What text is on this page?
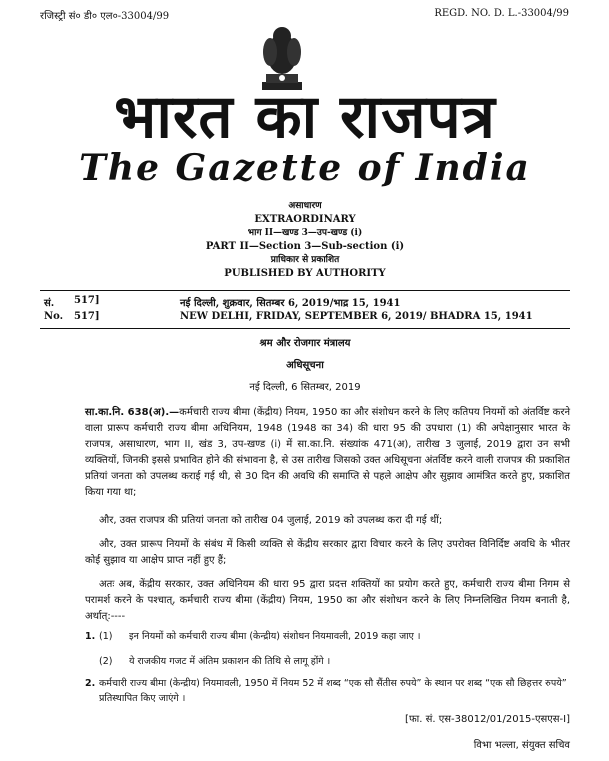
रजिस्ट्री सं० डी० एल०-33004/99	REGD. NO. D. L.-33004/99
भारत का राजपत्र
The Gazette of India
असाधारण
EXTRAORDINARY
भाग II—खण्ड 3—उप-खण्ड (i)
PART II—Section 3—Sub-section (i)
प्राधिकार से प्रकाशित
PUBLISHED BY AUTHORITY
सं. 517]	नई दिल्ली, शुक्रवार, सितम्बर 6, 2019/भाद्र 15, 1941
No. 517]	NEW DELHI, FRIDAY, SEPTEMBER 6, 2019/ BHADRA 15, 1941
श्रम और रोजगार मंत्रालय
अधिसूचना
नई दिल्ली, 6 सितम्बर, 2019
सा.का.नि. 638(अ).—कर्मचारी राज्य बीमा (केंद्रीय) नियम, 1950 का और संशोधन करने के लिए कतिपय नियमों को अंतर्विष्ट करने वाला प्रारूप कर्मचारी राज्य बीमा अधिनियम, 1948 (1948 का 34) की धारा 95 की उपधारा (1) की अपेक्षानुसार भारत के राजपत्र, असाधारण, भाग II, खंड 3, उप-खण्ड (i) में सा.का.नि. संख्यांक 471(अ), तारीख 3 जुलाई, 2019 द्वारा उन सभी व्यक्तियों, जिनकी इससे प्रभावित होने की संभावना है, से उस तारीख जिसको उक्त अधिसूचना अंतर्विष्ट करने वाली राजपत्र की प्रकाशित प्रतियां जनता को उपलब्ध कराई गई थी, से 30 दिन की अवधि की समाप्ति से पहले आक्षेप और सुझाव आमंत्रित करते हुए, प्रकाशित किया गया था;
और, उक्त राजपत्र की प्रतियां जनता को तारीख 04 जुलाई, 2019 को उपलब्ध करा दी गई थीं;
और, उक्त प्रारूप नियमों के संबंध में किसी व्यक्ति से केंद्रीय सरकार द्वारा विचार करने के लिए उपरोक्त विनिर्दिष्ट अवधि के भीतर कोई सुझाव या आक्षेप प्राप्त नहीं हुए हैं;
अतः अब, केंद्रीय सरकार, उक्त अधिनियम की धारा 95 द्वारा प्रदत्त शक्तियों का प्रयोग करते हुए, कर्मचारी राज्य बीमा निगम से परामर्श करने के पश्चात्, कर्मचारी राज्य बीमा (केंद्रीय) नियम, 1950 का और संशोधन करने के लिए निम्नलिखित नियम बनाती है, अर्थात्:----
1. (1) इन नियमों को कर्मचारी राज्य बीमा (केन्द्रीय) संशोधन नियमावली, 2019 कहा जाए ।
(2) ये राजकीय गजट में अंतिम प्रकाशन की तिथि से लागू होंगे ।
2. कर्मचारी राज्य बीमा (केन्द्रीय) नियमावली, 1950 में नियम 52 में शब्द “एक सौ सैंतीस रुपये” के स्थान पर शब्द “एक सौ छिहत्तर रुपये” प्रतिस्थापित किए जाएंगे ।
[फा. सं. एस-38012/01/2015-एसएस-I]
विभा भल्ला, संयुक्त सचिव
